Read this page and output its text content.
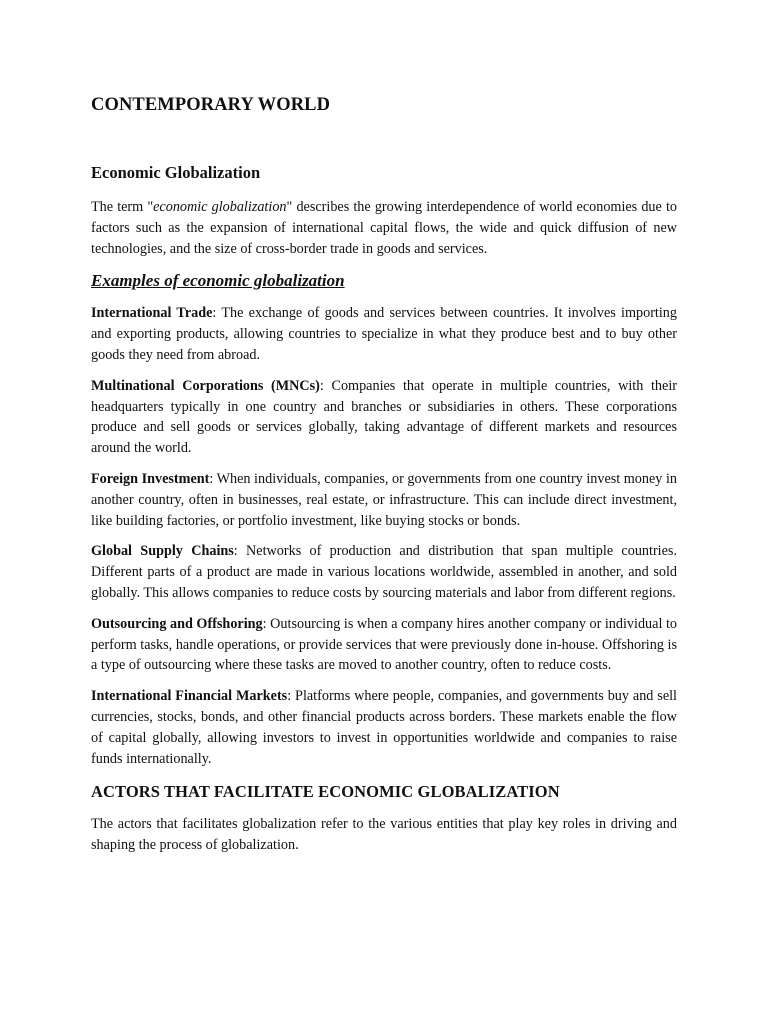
CONTEMPORARY WORLD
Economic Globalization

The term "economic globalization" describes the growing interdependence of world economies due to factors such as the expansion of international capital flows, the wide and quick diffusion of new technologies, and the size of cross-border trade in goods and services.

Examples of economic globalization

International Trade: The exchange of goods and services between countries. It involves importing and exporting products, allowing countries to specialize in what they produce best and to buy other goods they need from abroad.

Multinational Corporations (MNCs): Companies that operate in multiple countries, with their headquarters typically in one country and branches or subsidiaries in others. These corporations produce and sell goods or services globally, taking advantage of different markets and resources around the world.

Foreign Investment: When individuals, companies, or governments from one country invest money in another country, often in businesses, real estate, or infrastructure. This can include direct investment, like building factories, or portfolio investment, like buying stocks or bonds.

Global Supply Chains: Networks of production and distribution that span multiple countries. Different parts of a product are made in various locations worldwide, assembled in another, and sold globally. This allows companies to reduce costs by sourcing materials and labor from different regions.

Outsourcing and Offshoring: Outsourcing is when a company hires another company or individual to perform tasks, handle operations, or provide services that were previously done in-house. Offshoring is a type of outsourcing where these tasks are moved to another country, often to reduce costs.

International Financial Markets: Platforms where people, companies, and governments buy and sell currencies, stocks, bonds, and other financial products across borders. These markets enable the flow of capital globally, allowing investors to invest in opportunities worldwide and companies to raise funds internationally.

ACTORS THAT FACILITATE ECONOMIC GLOBALIZATION

The actors that facilitates globalization refer to the various entities that play key roles in driving and shaping the process of globalization.
